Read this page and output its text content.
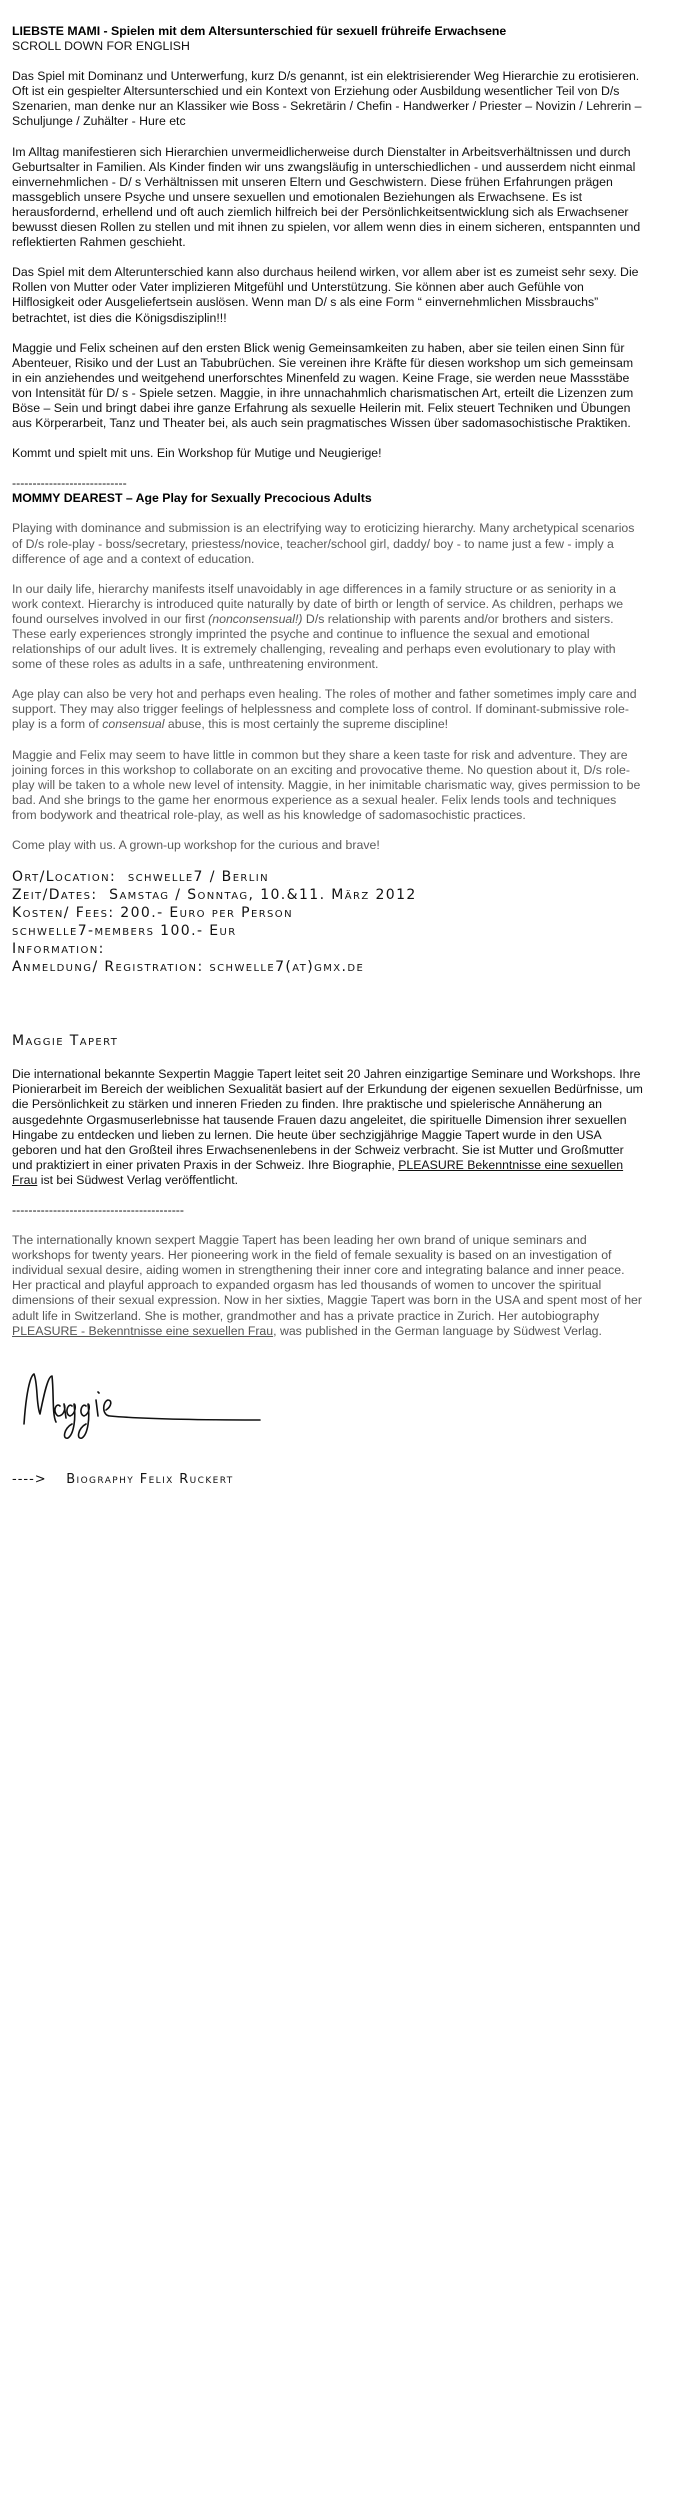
LIEBSTE MAMI - Spielen mit dem Altersunterschied für sexuell frühreife Erwachsene
SCROLL DOWN FOR ENGLISH

Das Spiel mit Dominanz und Unterwerfung, kurz D/s genannt, ist ein elektrisierender Weg Hierarchie zu erotisieren. Oft ist ein gespielter Altersunterschied und ein Kontext von Erziehung oder Ausbildung wesentlicher Teil von D/s Szenarien, man denke nur an Klassiker wie Boss - Sekretärin / Chefin - Handwerker / Priester – Novizin / Lehrerin – Schuljunge / Zuhälter - Hure etc

Im Alltag manifestieren sich Hierarchien unvermeidlicherweise durch Dienstalter in Arbeitsverhältnissen und durch Geburtsalter in Familien. Als Kinder finden wir uns zwangsläufig in unterschiedlichen - und ausserdem nicht einmal einvernehmlichen - D/ s Verhältnissen mit unseren Eltern und Geschwistern. Diese frühen Erfahrungen prägen massgeblich unsere Psyche und unsere sexuellen und emotionalen Beziehungen als Erwachsene. Es ist herausfordernd, erhellend und oft auch ziemlich hilfreich bei der Persönlichkeitsentwicklung sich als Erwachsener bewusst diesen Rollen zu stellen und mit ihnen zu spielen, vor allem wenn dies in einem sicheren, entspannten und reflektierten Rahmen geschieht.

Das Spiel mit dem Alterunterschied kann also durchaus heilend wirken, vor allem aber ist es zumeist sehr sexy. Die Rollen von Mutter oder Vater implizieren Mitgefühl und Unterstützung. Sie können aber auch Gefühle von Hilflosigkeit oder Ausgeliefertsein auslösen. Wenn man D/ s als eine Form “ einvernehmlichen Missbrauchs” betrachtet, ist dies die Königsdisziplin!!!

Maggie und Felix scheinen auf den ersten Blick wenig Gemeinsamkeiten zu haben, aber sie teilen einen Sinn für Abenteuer, Risiko und der Lust an Tabubrüchen. Sie vereinen ihre Kräfte für diesen workshop um sich gemeinsam in ein anziehendes und weitgehend unerforschtes Minenfeld zu wagen. Keine Frage, sie werden neue Massstäbe von Intensität für D/ s - Spiele setzen. Maggie, in ihre unnachahmlich charismatischen Art, erteilt die Lizenzen zum Böse – Sein und bringt dabei ihre ganze Erfahrung als sexuelle Heilerin mit. Felix steuert Techniken und Übungen aus Körperarbeit, Tanz und Theater bei, als auch sein pragmatisches Wissen über sadomasochistische Praktiken.

Kommt und spielt mit uns. Ein Workshop für Mutige und Neugierige!

----------------------------
MOMMY DEAREST – Age Play for Sexually Precocious Adults

Playing with dominance and submission is an electrifying way to eroticizing hierarchy. Many archetypical scenarios of D/s role-play - boss/secretary, priestess/novice, teacher/school girl, daddy/ boy - to name just a few - imply a difference of age and a context of education.

In our daily life, hierarchy manifests itself unavoidably in age differences in a family structure or as seniority in a work context. Hierarchy is introduced quite naturally by date of birth or length of service. As children, perhaps we found ourselves involved in our first (nonconsensual!) D/s relationship with parents and/or brothers and sisters. These early experiences strongly imprinted the psyche and continue to influence the sexual and emotional relationships of our adult lives. It is extremely challenging, revealing and perhaps even evolutionary to play with some of these roles as adults in a safe, unthreatening environment.

Age play can also be very hot and perhaps even healing. The roles of mother and father sometimes imply care and support. They may also trigger feelings of helplessness and complete loss of control. If dominant-submissive role-play is a form of consensual abuse, this is most certainly the supreme discipline!

Maggie and Felix may seem to have little in common but they share a keen taste for risk and adventure. They are joining forces in this workshop to collaborate on an exciting and provocative theme. No question about it, D/s role-play will be taken to a whole new level of intensity. Maggie, in her inimitable charismatic way, gives permission to be bad. And she brings to the game her enormous experience as a sexual healer. Felix lends tools and techniques from bodywork and theatrical role-play, as well as his knowledge of sadomasochistic practices.

Come play with us. A grown-up workshop for the curious and brave!

Ort/Location:  schwelle7 / Berlin
Zeit/Dates:  Samstag / Sonntag, 10.&11. März 2012
Kosten/ Fees: 200.- Euro per Person
schwelle7-members 100.- Eur
Information:
Anmeldung/ Registration: schwelle7(at)gmx.de
Maggie Tapert

Die international bekannte Sexpertin Maggie Tapert leitet seit 20 Jahren einzigartige Seminare und Workshops. Ihre Pionierarbeit im Bereich der weiblichen Sexualität basiert auf der Erkundung der eigenen sexuellen Bedürfnisse, um die Persönlichkeit zu stärken und inneren Frieden zu finden. Ihre praktische und spielerische Annäherung an ausgedehnte Orgasmuserlebnisse hat tausende Frauen dazu angeleitet, die spirituelle Dimension ihrer sexuellen Hingabe zu entdecken und lieben zu lernen. Die heute über sechzigjährige Maggie Tapert wurde in den USA geboren und hat den Großteil ihres Erwachsenenlebens in der Schweiz verbracht. Sie ist Mutter und Großmutter und praktiziert in einer privaten Praxis in der Schweiz. Ihre Biographie, PLEASURE Bekenntnisse eine sexuellen Frau ist bei Südwest Verlag veröffentlicht.

------------------------------------------

The internationally known sexpert Maggie Tapert has been leading her own brand of unique seminars and workshops for twenty years. Her pioneering work in the field of female sexuality is based on an investigation of individual sexual desire, aiding women in strengthening their inner core and integrating balance and inner peace. Her practical and playful approach to expanded orgasm has led thousands of women to uncover the spiritual dimensions of their sexual expression. Now in her sixties, Maggie Tapert was born in the USA and spent most of her adult life in Switzerland. She is mother, grandmother and has a private practice in Zurich. Her autobiography PLEASURE - Bekenntnisse eine sexuellen Frau, was published in the German language by Südwest Verlag.

----> Biography Felix Ruckert
